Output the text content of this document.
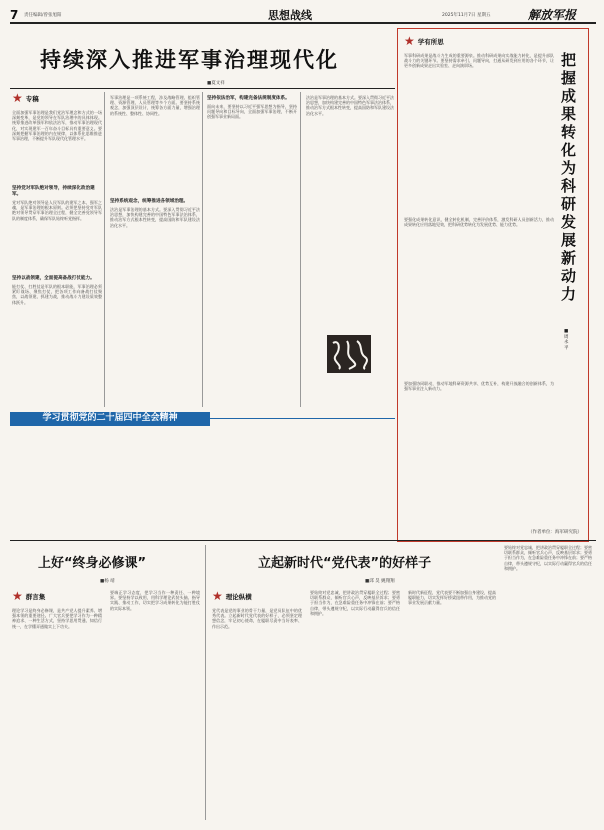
7 责任编辑/曾张旭阳	思想战线	2025年11月7日 星期五	解放军报
持续深入推进军事治理现代化
■夏文祥
★ 专稿
全面加强军事治理是我们党治军理念和方式的一场深刻变革，是党的领导在军队治理中的具体体现。统筹推进改革强军和依法治军，推动军事治理现代化，对实现建军一百年奋斗目标具有重要意义。要深刻把握军事治理的内在规律，以体系化思维推进军事治理，不断提升军队现代化管理水平。
坚持党对军队绝对领导，持续深化政治建军。
党对军队绝对领导是人民军队的建军之本、强军之魂，是军事治理的根本原则。必须把坚持党对军队绝对领导贯穿军事治理全过程，健全完善党领导军队的制度体系，确保军队始终听党指挥。
坚持以战领建，全面提高备战打仗能力。
能打仗、打胜仗是军队的根本职能，军事治理必须紧盯战场、聚焦打仗，把各项工作向备战打仗聚焦，以战领建、抓建为战，推动战斗力建设质效整体跃升。
军事治理是一项系统工程，涉及战略管理、组织管理、资源管理、人员管理等多个方面。要坚持系统观念，加强顶层设计，统筹各方面力量，增强治理的系统性、整体性、协同性。
坚持系统观念，统筹推进各领域治理。
法治是军事治理的基本方式。要深入贯彻习近平法治思想，加快构建完善的中国特色军事法治体系，推动治军方式根本性转变，提高国防和军队建设法治化水平。
坚持依法治军，构建完备法规制度体系。
面向未来，要坚持以习近平强军思想为指导，坚持问题导向和目标导向，全面加强军事治理，不断开创强军事业新局面。
法治是军事治理的基本方式。要深入贯彻习近平法治思想，加快构建完善的中国特色军事法治体系，推动治军方式根本性转变，提高国防和军队建设法治化水平。
学习贯彻党的二十届四中全会精神
★ 学有所思
军事科研成果是战斗力生成的重要源泉。推动科研成果向实战能力转化，是提升部队战斗力的关键环节。要坚持需求牵引、问题导向，打通从研发到应用的各个环节，让更多创新成果走出实验室、走向演训场。
要强化成果转化意识，健全转化机制，完善评价体系，激发科研人员创新活力，推动成果转化应用落地见效，把科研优势转化为发展优势、能力优势。
要加强协同联动，推动军地科研资源共享、优势互补，构建开放融合的创新体系，为强军事业注入新动力。
把握成果转化为科研发展新动力
■周永平
（作者单位：海军研究院）
上好“终身必修课”
■杨 靖
★ 群言集
理论学习是终身必修课，是共产党人提升素养、增强本领的重要途径。广大官兵要把学习作为一种精神追求、一种生活方式，坚持学思用贯通、知信行统一，在学懂弄通做实上下功夫。
要端正学习态度，把学习当作一种责任、一种境界。要坚持学以致用，用科学理论武装头脑、指导实践、推动工作，切实把学习成果转化为能打胜仗的实际本领。
立起新时代“党代表”的好样子
■邱 昊 姚翔翔
★ 理论纵横
党代表是党的事业的骨干力量，是党员队伍中的优秀代表。立起新时代党代表的好样子，必须坚定理想信念，牢记初心使命，在履职尽责中当好表率、作出示范。
要始终对党忠诚，把讲政治贯穿履职全过程；要密切联系群众，倾听官兵心声，反映基层诉求；要勇于担当作为，在急难险重任务中冲锋在前；要严格自律，带头遵规守纪，以实际行动赢得官兵的信任和拥护。
新时代新征程，党代表要不断加强自身建设，提高履职能力，切实发挥好桥梁纽带作用，为推动党的事业发展贡献力量。
要始终对党忠诚，把讲政治贯穿履职全过程；要密切联系群众，倾听官兵心声，反映基层诉求；要勇于担当作为，在急难险重任务中冲锋在前；要严格自律，带头遵规守纪，以实际行动赢得官兵的信任和拥护。
